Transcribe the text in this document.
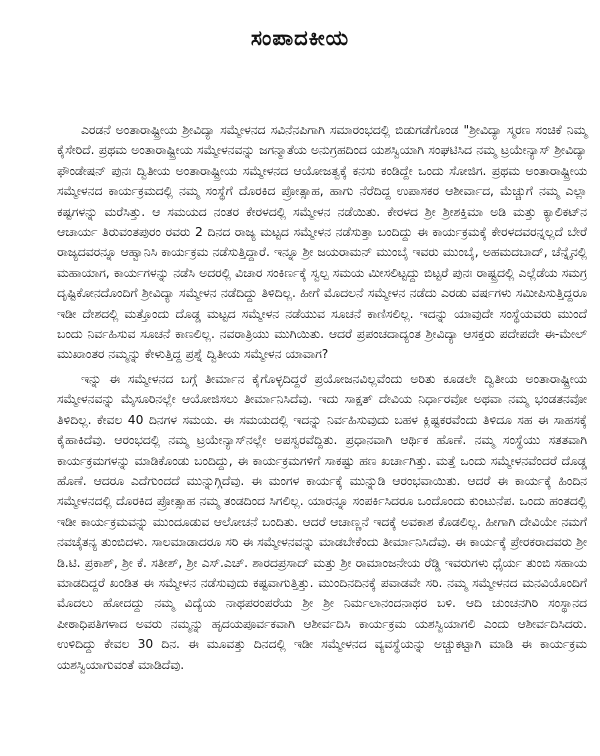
ಸಂಪಾದಕೀಯ

ಎರಡನೆ ಅಂತಾರಾಷ್ಟ್ರೀಯ ಶ್ರೀವಿದ್ಯಾ ಸಮ್ಮೇಳನದ ಸವಿನೆನಪಿಗಾಗಿ ಸಮಾರಂಭದಲ್ಲಿ ಬಿಡುಗಡೆಗೊಂಡ "ಶ್ರೀವಿದ್ಯಾ ಸ್ಮರಣ ಸಂಚಿಕೆ ನಿಮ್ಮ ಕೈಸೇರಿದೆ. ಪ್ರಥಮ ಅಂತಾರಾಷ್ಟ್ರೀಯ ಸಮ್ಮೇಳನವನ್ನು ಜಗನ್ಮಾತೆಯ ಅನುಗ್ರಹದಿಂದ ಯಶಸ್ವಿಯಾಗಿ ಸಂಘಟಿಸಿದ ನಮ್ಮ ಟ್ರಯೇನ್ಯಾಸ್ ಶ್ರೀವಿದ್ಯಾ ಫೌಂಡೇಷನ್ ಪುನಃ ದ್ವಿತೀಯ ಅಂತಾರಾಷ್ಟ್ರೀಯ ಸಮ್ಮೇಳನದ ಆಯೋಜತ್ವಕ್ಕೆ ಕನಸು ಕಂಡಿದ್ದೇ ಒಂದು ಸೋಜಿಗ. ಪ್ರಥಮ ಅಂತಾರಾಷ್ಟ್ರೀಯ ಸಮ್ಮೇಳನದ ಕಾರ್ಯಕ್ರಮದಲ್ಲಿ ನಮ್ಮ ಸಂಸ್ಥೆಗೆ ದೊರಕಿದ ಪ್ರೋತ್ಸಾಹ, ಹಾಗು ನೆರೆದಿದ್ದ ಉಪಾಸಕರ ಆಶೀರ್ವಾದ, ಮೆಚ್ಚುಗೆ ನಮ್ಮ ಎಲ್ಲಾ ಕಷ್ಟಗಳನ್ನು ಮರೆಸಿತ್ತು. ಆ ಸಮಯದ ನಂತರ ಕೇರಳದಲ್ಲಿ ಸಮ್ಮೇಳನ ನಡೆಯಿತು. ಕೇರಳದ ಶ್ರೀ ಶ್ರೀಶಕ್ತಿಮಾ ಅಡಿ ಮತ್ತು ಕ್ಯಾಲಿಕಟ್‌ನ ಆಚಾರ್ಯ ತಿರುವಂತಪುರಂ ರವರು 2 ದಿನದ ರಾಜ್ಯ ಮಟ್ಟದ ಸಮ್ಮೇಳನ ನಡೆಸುತ್ತಾ ಬಂದಿದ್ದು ಈ ಕಾರ್ಯಕ್ರಮಕ್ಕೆ ಕೇರಳದವರನ್ನಲ್ಲದೆ ಬೇರೆ ರಾಜ್ಯದವರನ್ನೂ ಆಹ್ವಾನಿಸಿ ಕಾರ್ಯಕ್ರಮ ನಡೆಸುತ್ತಿದ್ದಾರೆ. ಇನ್ನೂ ಶ್ರೀ ಜಯರಾಮನ್ ಮುಂಬೈ ಇವರು ಮುಂಬೈ, ಅಹಮದಬಾದ್, ಚೆನ್ನೈನಲ್ಲಿ ಮಹಾಯಾಗ, ಕಾರ್ಯಗಳನ್ನು ನಡೆಸಿ ಅದರಲ್ಲಿ ವಿಚಾರ ಸಂಕಿರ್ಣಕ್ಕೆ ಸ್ವಲ್ಪ ಸಮಯ ಮೀಸಲಿಟ್ಟದ್ದು ಬಿಟ್ಟರೆ ಪುನಃ ರಾಷ್ಟ್ರದಲ್ಲಿ ಎಲ್ಲೆಡೆಯ ಸಮಗ್ರ ದೃಷ್ಟಿಕೋನದೊಂದಿಗೆ ಶ್ರೀವಿದ್ಯಾ ಸಮ್ಮೇಳನ ನಡೆದಿದ್ದು ತಿಳಿದಿಲ್ಲ. ಹೀಗೆ ಮೊದಲನೆ ಸಮ್ಮೇಳನ ನಡೆದು ಎರಡು ವರ್ಷಗಳು ಸಮೀಪಿಸುತ್ತಿದ್ದರೂ ಇಡೀ ದೇಶದಲ್ಲಿ ಮತ್ತೊಂದು ದೊಡ್ಡ ಮಟ್ಟದ ಸಮ್ಮೇಳನ ನಡೆಯುವ ಸೂಚನೆ ಕಾಣಿಸಲಿಲ್ಲ. ಇದನ್ನು ಯಾವುದೇ ಸಂಸ್ಥೆಯವರು ಮುಂದೆ ಬಂದು ನಿರ್ವಹಿಸುವ ಸೂಚನೆ ಕಾಣಲಿಲ್ಲ. ನವರಾತ್ರಿಯು ಮುಗಿಯಿತು. ಆದರೆ ಪ್ರಪಂಚದಾದ್ಯಂತ ಶ್ರೀವಿದ್ಯಾ ಆಸಕ್ತರು ಪದೇಪದೇ ಈ-ಮೇಲ್ ಮುಖಾಂತರ ನಮ್ಮನ್ನು ಕೇಳುತ್ತಿದ್ದ ಪ್ರಶ್ನೆ ದ್ವಿತೀಯ ಸಮ್ಮೇಳನ ಯಾವಾಗ?

ಇನ್ನು ಈ ಸಮ್ಮೇಳನದ ಬಗ್ಗೆ ತೀರ್ಮಾನ ಕೈಗೊಳ್ಳದಿದ್ದರೆ ಪ್ರಯೋಜನವಿಲ್ಲವೆಂದು ಅರಿತು ಕೂಡಲೇ ದ್ವಿತೀಯ ಅಂತಾರಾಷ್ಟ್ರೀಯ ಸಮ್ಮೇಳನವನ್ನು ಮೈಸೂರಿನಲ್ಲೇ ಆಯೋಜಿಸಲು ತೀರ್ಮಾನಿಸಿದೆವು. ಇದು ಸಾಕ್ಷತ್ ದೇವಿಯ ನಿರ್ಧಾರವೋ ಅಥವಾ ನಮ್ಮ ಭಂಡತನವೋ ತಿಳಿದಿಲ್ಲ. ಕೇವಲ 40 ದಿನಗಳ ಸಮಯ. ಈ ಸಮಯದಲ್ಲಿ ಇದನ್ನು ನಿರ್ವಹಿಸುವುದು ಬಹಳ ಕ್ಲಿಷ್ಟಕರವೆಂದು ತಿಳಿದೂ ಸಹ ಈ ಸಾಹಸಕ್ಕೆ ಕೈಹಾಕಿದೆವು. ಆರಂಭದಲ್ಲಿ ನಮ್ಮ ಟ್ರಯೇನ್ಯಾಸ್‌ನಲ್ಲೇ ಅಪಸ್ವರವೆದ್ದಿತು. ಪ್ರಧಾನವಾಗಿ ಆರ್ಥಿಕ ಹೊಣೆ. ನಮ್ಮ ಸಂಸ್ಥೆಯು ಸತತವಾಗಿ ಕಾರ್ಯಕ್ರಮಗಳನ್ನು ಮಾಡಿಕೊಂಡು ಬಂದಿದ್ದು, ಈ ಕಾರ್ಯಕ್ರಮಗಳಿಗೆ ಸಾಕಷ್ಟು ಹಣ ಖರ್ಚಾಗಿತ್ತು. ಮತ್ತೆ ಒಂದು ಸಮ್ಮೇಳನವೆಂದರೆ ದೊಡ್ಡ ಹೊಣೆ. ಆದರೂ ಎದೆಗುಂದದೆ ಮುನ್ನುಗ್ಗಿದೆವು. ಈ ಮಂಗಳ ಕಾರ್ಯಕ್ಕೆ ಮುನ್ನುಡಿ ಆರಂಭವಾಯಿತು. ಆದರೆ ಈ ಕಾರ್ಯಕ್ಕೆ ಹಿಂದಿನ ಸಮ್ಮೇಳನದಲ್ಲಿ ದೊರಕಿದ ಪ್ರೋತ್ಸಾಹ ನಮ್ಮ ತಂಡದಿಂದ ಸಿಗಲಿಲ್ಲ. ಯಾರನ್ನೂ ಸಂಪರ್ಕಿಸಿದರೂ ಒಂದೊಂದು ಕುಂಟುನೆಪ. ಒಂದು ಹಂತದಲ್ಲಿ ಇಡೀ ಕಾರ್ಯಕ್ರಮವನ್ನು ಮುಂದೂಡುವ ಆಲೋಚನೆ ಬಂದಿತು. ಆದರೆ ಆಚಾಣ್ಣನೆ ಇದಕ್ಕೆ ಅವಕಾಶ ಕೊಡಲಿಲ್ಲ. ಹೀಗಾಗಿ ದೇವಿಯೇ ನಮಗೆ ನವಚೈತನ್ಯ ತುಂಬಿದಳು. ಸಾಲಮಾಡಾದರೂ ಸರಿ ಈ ಸಮ್ಮೇಳನವನ್ನು ಮಾಡಬೇಕೆಂದು ತೀರ್ಮಾನಿಸಿದೆವು. ಈ ಕಾರ್ಯಕ್ಕೆ ಪ್ರೇರಕರಾದವರು ಶ್ರೀ ಡಿ.ಟಿ. ಪ್ರಕಾಶ್, ಶ್ರೀ ಕೆ. ಸತೀಶ್, ಶ್ರೀ ಎಸ್.ಎಚ್. ಶಾರದಪ್ರಸಾದ್ ಮತ್ತು ಶ್ರೀ ರಾಮಾಂಜನೇಯ ರೆಡ್ಡಿ ಇವರುಗಳು ಧೈರ್ಯ ತುಂಬಿ ಸಹಾಯ ಮಾಡದಿದ್ದರೆ ಖಂಡಿತ ಈ ಸಮ್ಮೇಳನ ನಡೆಸುವುದು ಕಷ್ಟವಾಗುತ್ತಿತ್ತು. ಮುಂದಿನದಿನಕ್ಕೆ ಪವಾಡವೇ ಸರಿ. ನಮ್ಮ ಸಮ್ಮೇಳನದ ಮನವಿಯೊಂದಿಗೆ ಮೊದಲು ಹೋದದ್ದು ನಮ್ಮ ವಿದ್ಯೆಯ ನಾಥಪರಂಪರೆಯ ಶ್ರೀ ಶ್ರೀ ನಿರ್ಮಲಾನಂದನಾಥರ ಬಳಿ. ಆದಿ ಚುಂಚನಗಿರಿ ಸಂಸ್ಥಾನದ ಪೀಠಾಧಿಪತಿಗಳಾದ ಅವರು ನಮ್ಮನ್ನು ಹೃದಯಪೂರ್ವಕವಾಗಿ ಆಶೀರ್ವದಿಸಿ ಕಾರ್ಯಕ್ರಮ ಯಶಸ್ವಿಯಾಗಲಿ ಎಂದು ಆಶೀರ್ವದಿಸಿದರು. ಉಳಿದಿದ್ದು ಕೇವಲ 30 ದಿನ. ಈ ಮೂವತ್ತು ದಿನದಲ್ಲಿ ಇಡೀ ಸಮ್ಮೇಳನದ ವ್ಯವಸ್ಥೆಯನ್ನು ಅಚ್ಚುಕಟ್ಟಾಗಿ ಮಾಡಿ ಈ ಕಾರ್ಯಕ್ರಮ ಯಶಸ್ವಿಯಾಗುವಂತೆ ಮಾಡಿದೆವು.
